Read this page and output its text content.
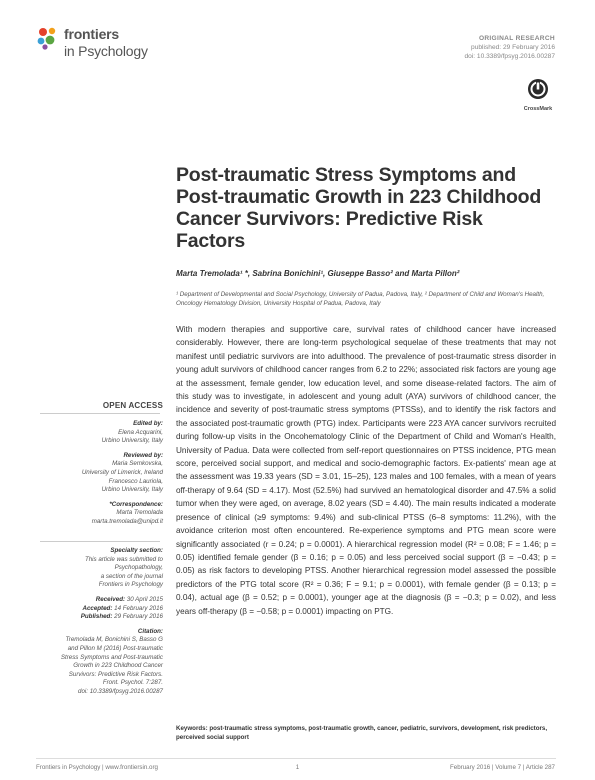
frontiers
in Psychology
ORIGINAL RESEARCH
published: 29 February 2016
doi: 10.3389/fpsyg.2016.00287
CrossMark
Post-traumatic Stress Symptoms and Post-traumatic Growth in 223 Childhood Cancer Survivors: Predictive Risk Factors
Marta Tremolada¹ *, Sabrina Bonichini¹, Giuseppe Basso² and Marta Pillon²
¹ Department of Developmental and Social Psychology, University of Padua, Padova, Italy, ² Department of Child and Woman's Health, Oncology Hematology Division, University Hospital of Padua, Padova, Italy
With modern therapies and supportive care, survival rates of childhood cancer have increased considerably. However, there are long-term psychological sequelae of these treatments that may not manifest until pediatric survivors are into adulthood. The prevalence of post-traumatic stress disorder in young adult survivors of childhood cancer ranges from 6.2 to 22%; associated risk factors are young age at the assessment, female gender, low education level, and some disease-related factors. The aim of this study was to investigate, in adolescent and young adult (AYA) survivors of childhood cancer, the incidence and severity of post-traumatic stress symptoms (PTSSs), and to identify the risk factors and the associated post-traumatic growth (PTG) index. Participants were 223 AYA cancer survivors recruited during follow-up visits in the Oncohematology Clinic of the Department of Child and Woman's Health, University of Padua. Data were collected from self-report questionnaires on PTSS incidence, PTG mean score, perceived social support, and medical and socio-demographic factors. Ex-patients' mean age at the assessment was 19.33 years (SD = 3.01, 15–25), 123 males and 100 females, with a mean of years off-therapy of 9.64 (SD = 4.17). Most (52.5%) had survived an hematological disorder and 47.5% a solid tumor when they were aged, on average, 8.02 years (SD = 4.40). The main results indicated a moderate presence of clinical (≥9 symptoms: 9.4%) and sub-clinical PTSS (6–8 symptoms: 11.2%), with the avoidance criterion most often encountered. Re-experience symptoms and PTG mean score were significantly associated (r = 0.24; p = 0.0001). A hierarchical regression model (R² = 0.08; F = 1.46; p = 0.05) identified female gender (β = 0.16; p = 0.05) and less perceived social support (β = −0.43; p = 0.05) as risk factors to developing PTSS. Another hierarchical regression model assessed the possible predictors of the PTG total score (R² = 0.36; F = 9.1; p = 0.0001), with female gender (β = 0.13; p = 0.04), actual age (β = 0.52; p = 0.0001), younger age at the diagnosis (β = −0.3; p = 0.02), and less years off-therapy (β = −0.58; p = 0.0001) impacting on PTG.
Keywords: post-traumatic stress symptoms, post-traumatic growth, cancer, pediatric, survivors, development, risk predictors, perceived social support
OPEN ACCESS
Edited by:
Elena Acquarini,
Urbino University, Italy
Reviewed by:
Maria Semkovska,
University of Limerick, Ireland
Francesco Lauriola,
Urbino University, Italy
*Correspondence:
Marta Tremolada
marta.tremolada@unipd.it
Specialty section:
This article was submitted to
Psychopathology,
a section of the journal
Frontiers in Psychology
Received: 30 April 2015
Accepted: 14 February 2016
Published: 29 February 2016
Citation:
Tremolada M, Bonichini S, Basso G
and Pillon M (2016) Post-traumatic
Stress Symptoms and Post-traumatic
Growth in 223 Childhood Cancer
Survivors: Predictive Risk Factors.
Front. Psychol. 7:287.
doi: 10.3389/fpsyg.2016.00287
Frontiers in Psychology | www.frontiersin.org	1	February 2016 | Volume 7 | Article 287
